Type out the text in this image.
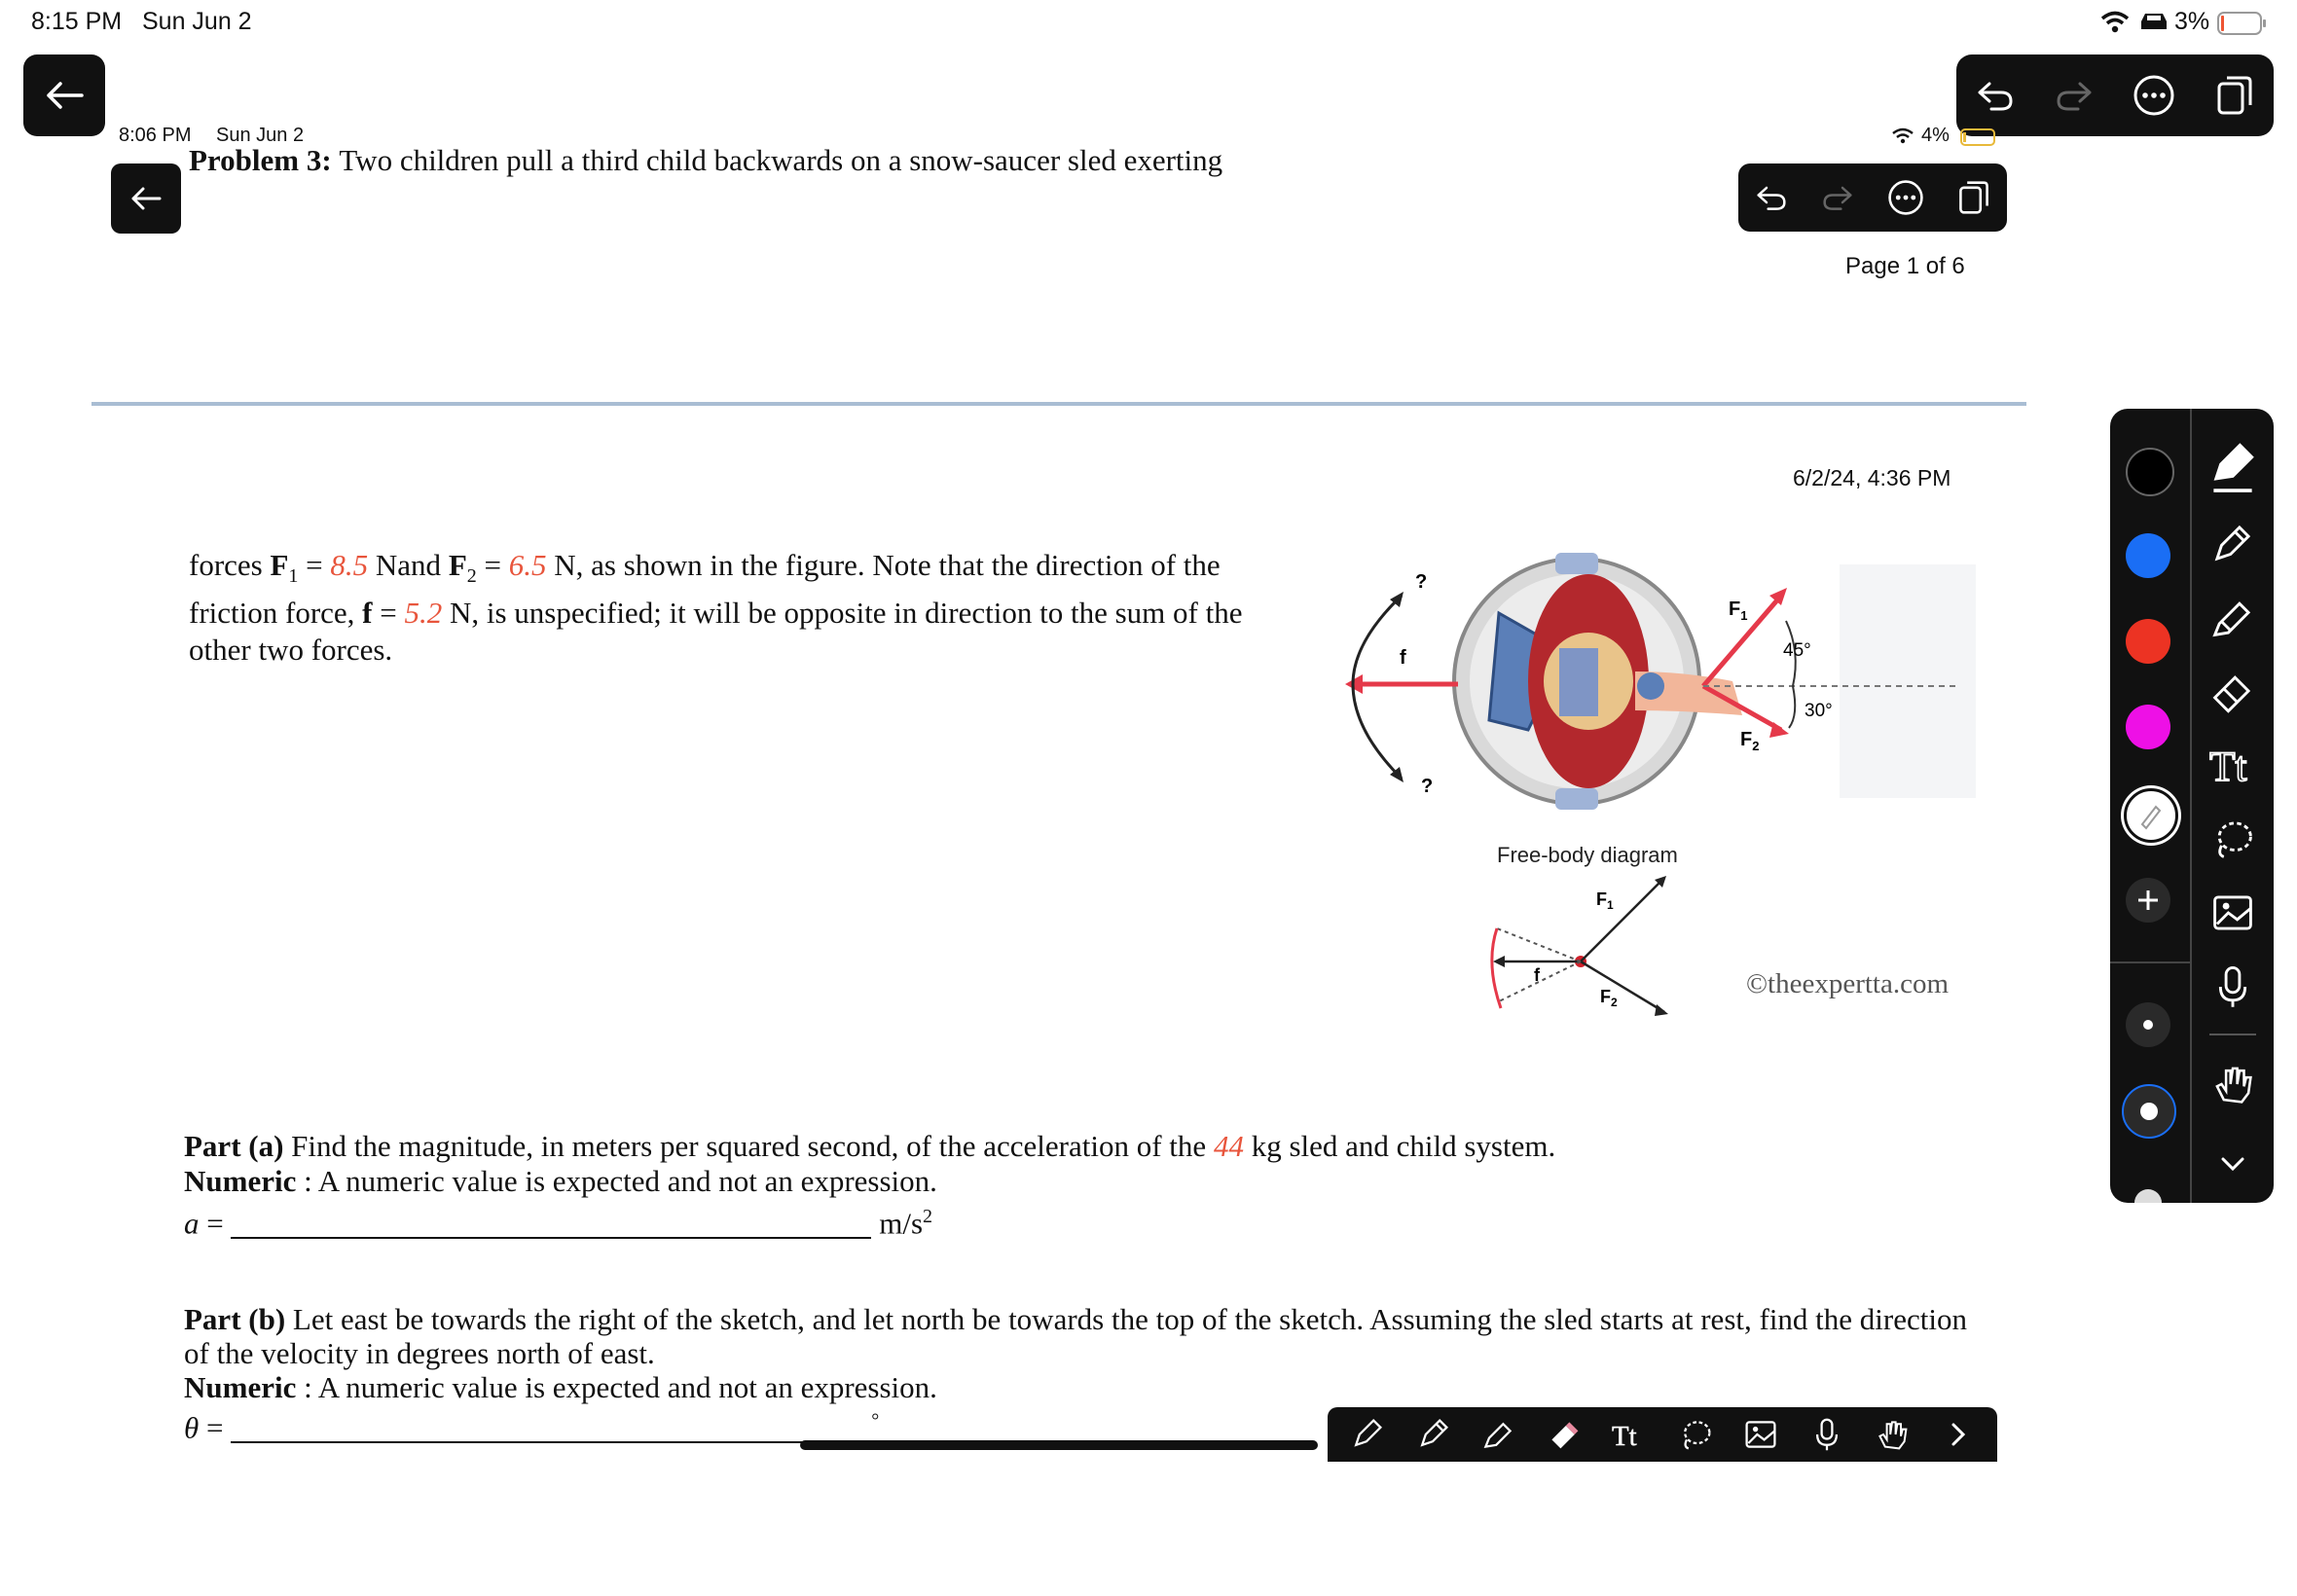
8:15 PM Sun Jun 2	3%
8:06 PM Sun Jun 2	4%
Page 1 of 6
Problem 3: Two children pull a third child backwards on a snow-saucer sled exerting
6/2/24, 4:36 PM
forces $F_1 = 8.5$ Nand $F_2 = 6.5$ N, as shown in the figure. Note that the direction of the
friction force, f = 5.2 N, is unspecified; it will be opposite in direction to the sum of the
other two forces.	f
?
?
$F_1$
$F_2$
45°
30°
Free-body diagram
$F_1$
$F_2$
f	©theexpertta.com
Part (a) Find the magnitude, in meters per squared second, of the acceleration of the 44 kg sled and child system.
Numeric : A numeric value is expected and not an expression.
a =	$m/s^2$
Part (b) Let east be towards the right of the sketch, and let north be towards the top of the sketch. Assuming the sled starts at rest, find the direction
of the velocity in degrees north of east.
Numeric : A numeric value is expected and not an expression.
θ =	°	Tt
Tt
